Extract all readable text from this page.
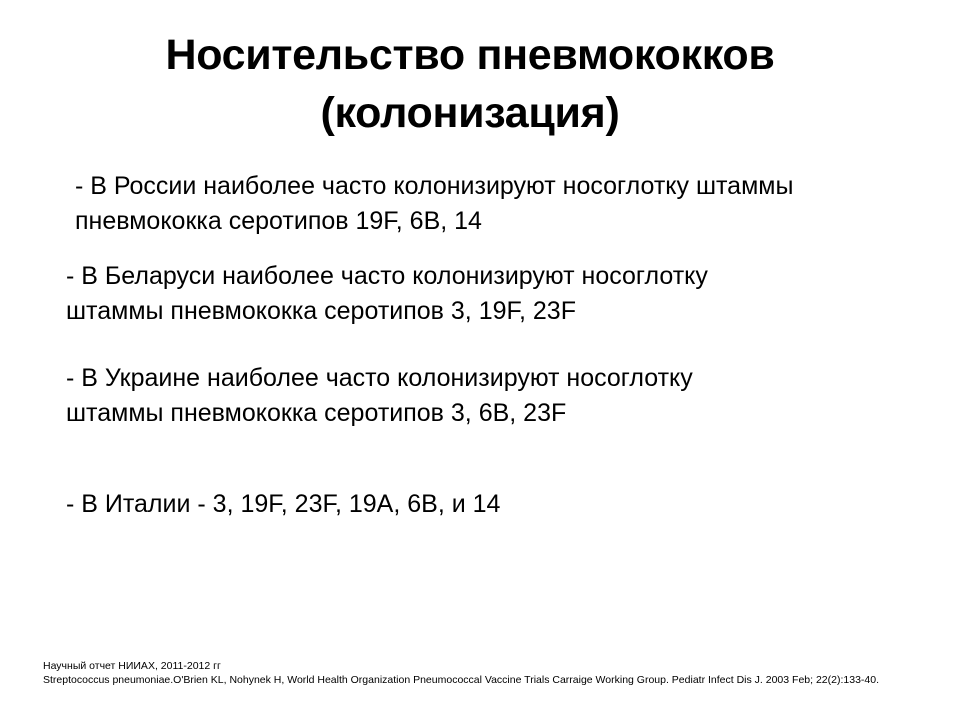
Носительство пневмококков
(колонизация)
- В России наиболее часто колонизируют носоглотку штаммы
пневмококка серотипов 19F, 6B, 14
- В Беларуси наиболее часто колонизируют носоглотку
штаммы пневмококка серотипов 3, 19F, 23F
- В Украине наиболее часто колонизируют носоглотку
штаммы пневмококка серотипов 3, 6B, 23F
- В Италии - 3, 19F, 23F, 19A, 6B, и 14
Научный отчет НИИАХ, 2011-2012 гг
Streptococcus pneumoniae.O'Brien KL, Nohynek H, World Health Organization Pneumococcal Vaccine Trials Carraige Working Group. Pediatr Infect Dis J. 2003 Feb; 22(2):133-40.
